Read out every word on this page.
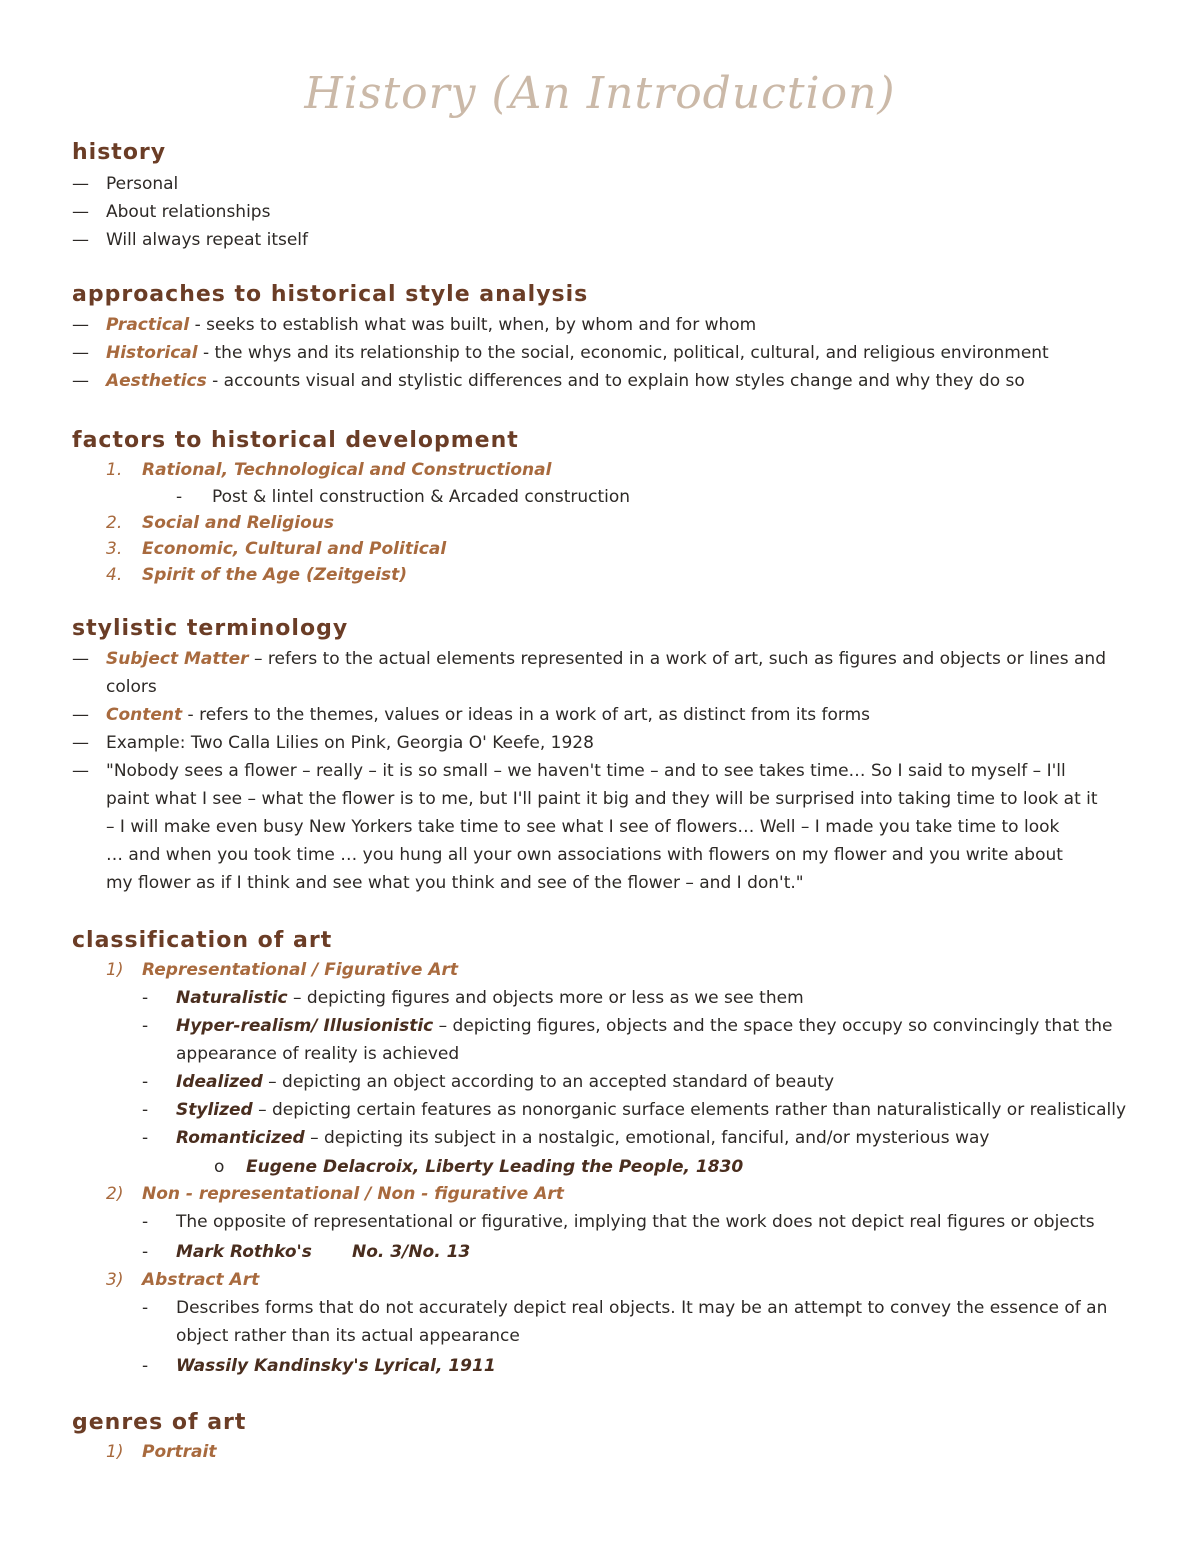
History (An Introduction)
history
— Personal
— About relationships
— Will always repeat itself
approaches to historical style analysis
— Practical - seeks to establish what was built, when, by whom and for whom
— Historical - the whys and its relationship to the social, economic, political, cultural, and religious environment
— Aesthetics - accounts visual and stylistic differences and to explain how styles change and why they do so
factors to historical development
1. Rational, Technological and Constructional
- Post & lintel construction & Arcaded construction
2. Social and Religious
3. Economic, Cultural and Political
4. Spirit of the Age (Zeitgeist)
stylistic terminology
— Subject Matter – refers to the actual elements represented in a work of art, such as figures and objects or lines and
colors
— Content - refers to the themes, values or ideas in a work of art, as distinct from its forms
— Example: Two Calla Lilies on Pink, Georgia O' Keefe, 1928
— "Nobody sees a flower – really – it is so small – we haven't time – and to see takes time… So I said to myself – I'll
paint what I see – what the flower is to me, but I'll paint it big and they will be surprised into taking time to look at it
– I will make even busy New Yorkers take time to see what I see of flowers… Well – I made you take time to look
… and when you took time … you hung all your own associations with flowers on my flower and you write about
my flower as if I think and see what you think and see of the flower – and I don't."
classification of art
1) Representational / Figurative Art
- Naturalistic – depicting figures and objects more or less as we see them
- Hyper-realism/ Illusionistic – depicting figures, objects and the space they occupy so convincingly that the
appearance of reality is achieved
- Idealized – depicting an object according to an accepted standard of beauty
- Stylized – depicting certain features as nonorganic surface elements rather than naturalistically or realistically
- Romanticized – depicting its subject in a nostalgic, emotional, fanciful, and/or mysterious way
o Eugene Delacroix, Liberty Leading the People, 1830
2) Non - representational / Non - figurative Art
- The opposite of representational or figurative, implying that the work does not depict real figures or objects
- Mark Rothko's No. 3/No. 13
3) Abstract Art
- Describes forms that do not accurately depict real objects. It may be an attempt to convey the essence of an
object rather than its actual appearance
- Wassily Kandinsky's Lyrical, 1911
genres of art
1) Portrait
